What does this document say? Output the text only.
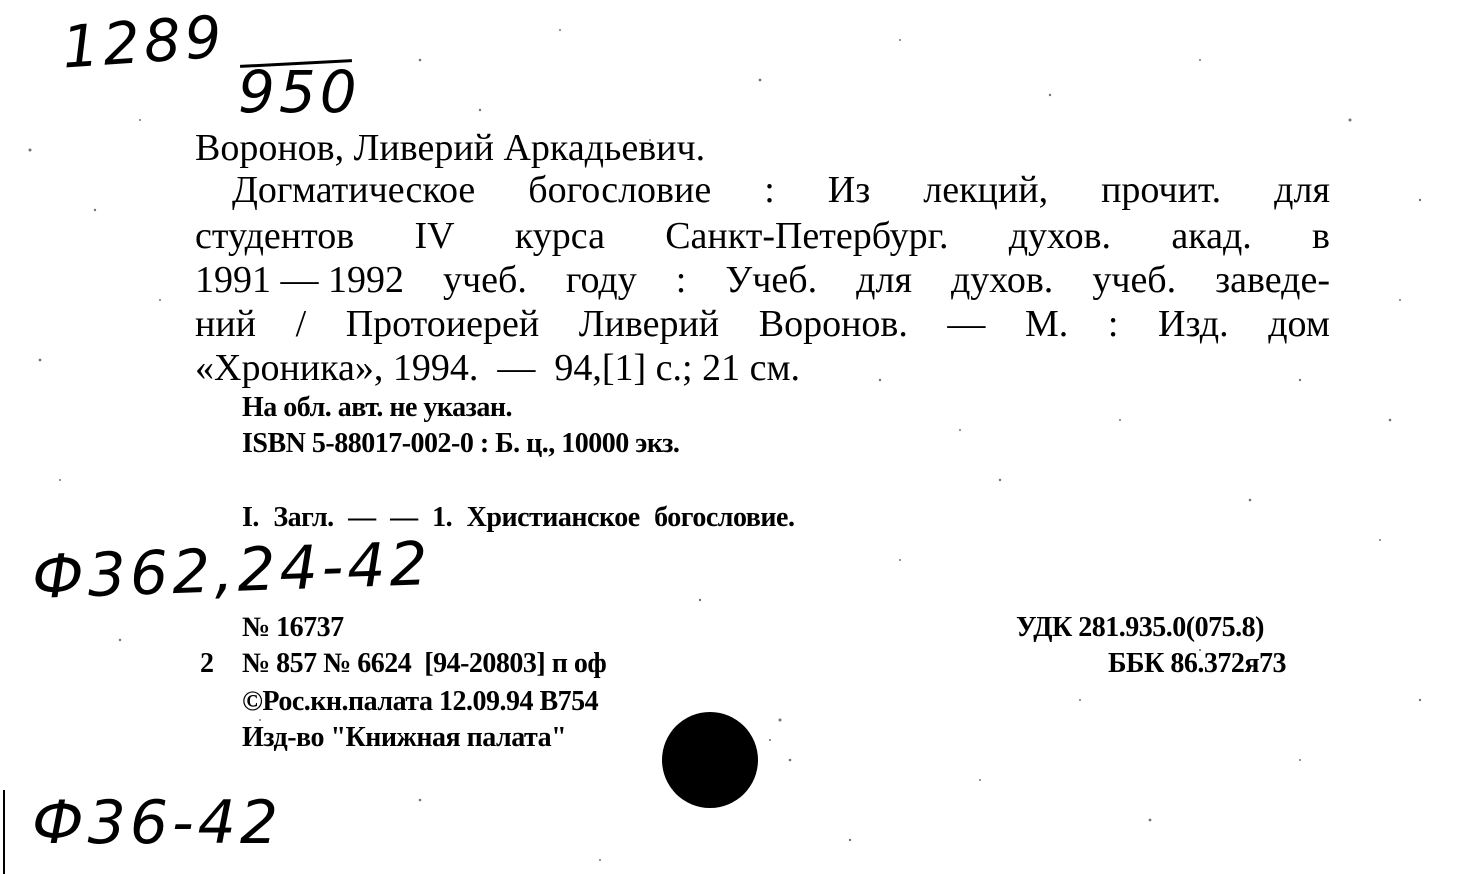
1289
950
Ф362,24-42
Ф36-42
Воронов, Ливерий Аркадьевич.
Догматическое богословие : Из лекций, прочит. для
студентов IV курса Санкт-Петербург. духов. акад. в
1991 — 1992 учеб. году : Учеб. для духов. учеб. заведе-
ний / Протоиерей Ливерий Воронов. — М. : Изд. дом
«Хроника», 1994.  —  94,[1] с.; 21 см.
На обл. авт. не указан.
ISBN 5-88017-002-0 : Б. ц., 10000 экз.
I. Загл. — — 1. Христианское богословие.
№ 16737
2 № 857 № 6624  [94-20803] п оф
©Рос.кн.палата 12.09.94 В754
Изд-во "Книжная палата"
УДК 281.935.0(075.8)
ББК 86.372я73
